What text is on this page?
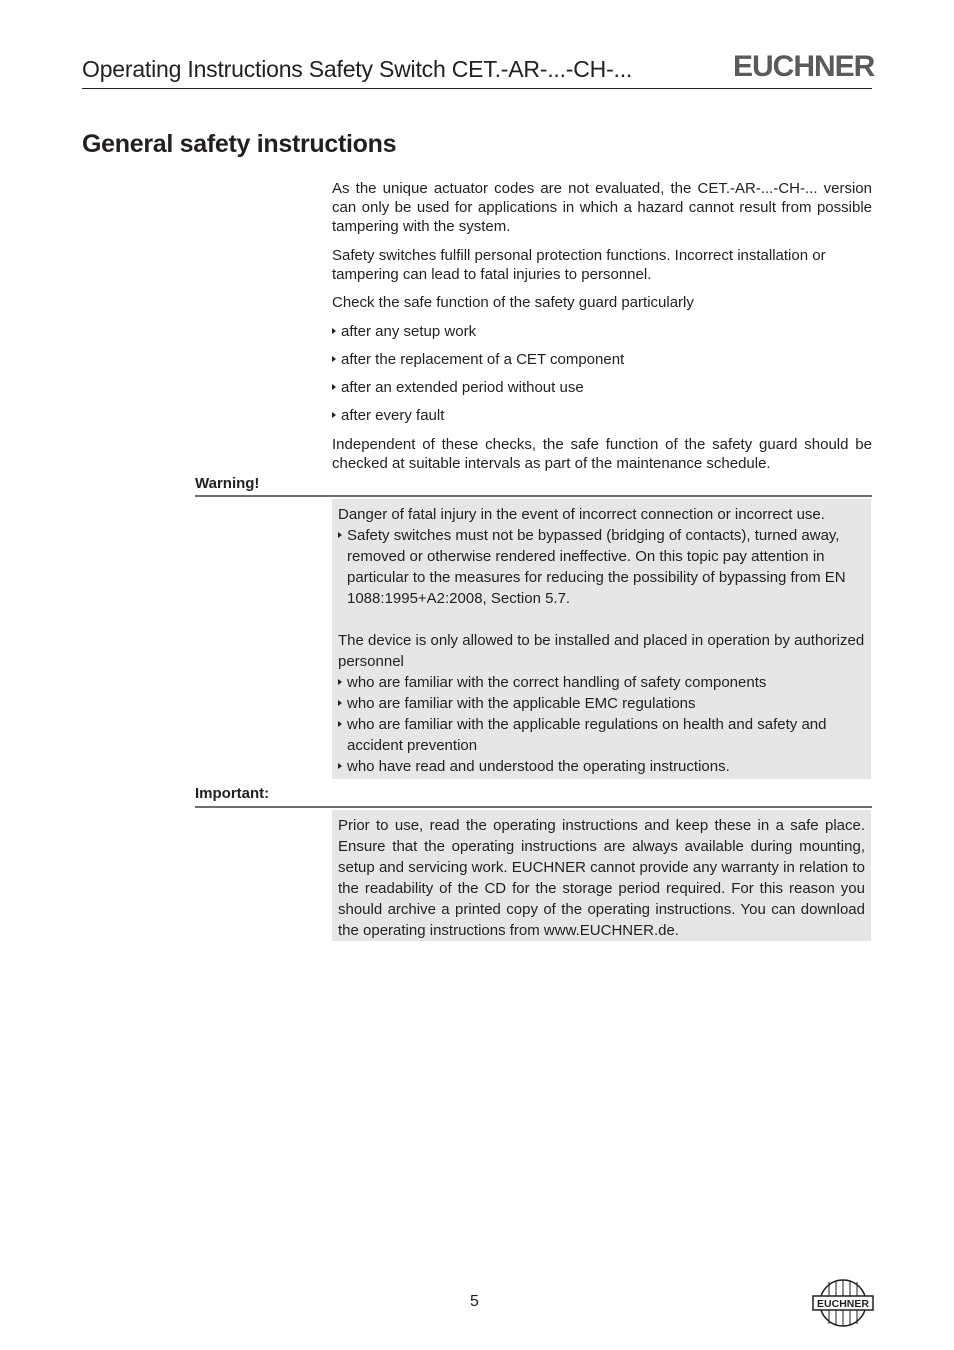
Operating Instructions Safety Switch CET.-AR-...-CH-...	EUCHNER
General safety instructions
As the unique actuator codes are not evaluated, the CET.-AR-...-CH-... version can only be used for applications in which a hazard cannot result from possible tampering with the system.
Safety switches fulfill personal protection functions. Incorrect installation or tampering can lead to fatal injuries to personnel.
Check the safe function of the safety guard particularly
after any setup work
after the replacement of a CET component
after an extended period without use
after every fault
Independent of these checks, the safe function of the safety guard should be checked at suitable intervals as part of the maintenance schedule.
Warning!

Danger of fatal injury in the event of incorrect connection or incorrect use.

Safety switches must not be bypassed (bridging of contacts), turned away, removed or otherwise rendered ineffective. On this topic pay attention in particular to the measures for reducing the possibility of bypassing from EN 1088:1995+A2:2008, Section 5.7.

The device is only allowed to be installed and placed in operation by authorized personnel

who are familiar with the correct handling of safety components
who are familiar with the applicable EMC regulations
who are familiar with the applicable regulations on health and safety and accident prevention
who have read and understood the operating instructions.
Important:

Prior to use, read the operating instructions and keep these in a safe place. Ensure that the operating instructions are always available during mounting, setup and servicing work. EUCHNER cannot provide any warranty in relation to the readability of the CD for the storage period required. For this reason you should archive a printed copy of the operating instructions. You can download the operating instructions from www.EUCHNER.de.

5	EUCHNER
